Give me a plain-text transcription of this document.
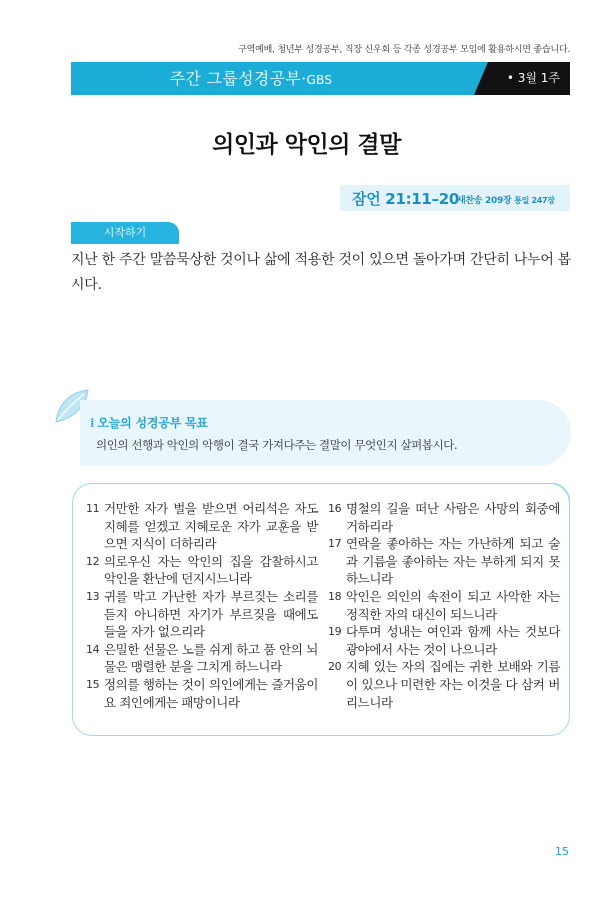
구역예배, 청년부 성경공부, 직장 신우회 등 각종 성경공부 모임에 활용하시면 좋습니다.
주간 그룹성경공부·GBS	• 3월 1주
의인과 악인의 결말
잠언 21:11–20
새찬송 209장 통일 247장
시작하기
지난 한 주간 말씀묵상한 것이나 삶에 적용한 것이 있으면 돌아가며 간단히 나누어 봅시다.
⁞ 오늘의 성경공부 목표
의인의 선행과 악인의 악행이 결국 가져다주는 결말이 무엇인지 살펴봅시다.
11 거만한 자가 벌을 받으면 어리석은 자도 지혜를 얻겠고 지혜로운 자가 교훈을 받으면 지식이 더하리라
12 의로우신 자는 악인의 집을 감찰하시고 악인을 환난에 던지시느니라
13 귀를 막고 가난한 자가 부르짖는 소리를 듣지 아니하면 자기가 부르짖을 때에도 들을 자가 없으리라
14 은밀한 선물은 노를 쉬게 하고 품 안의 뇌물은 맹렬한 분을 그치게 하느니라
15 정의를 행하는 것이 의인에게는 즐거움이요 죄인에게는 패망이니라
16 명철의 길을 떠난 사람은 사망의 회중에 거하리라
17 연락을 좋아하는 자는 가난하게 되고 술과 기름을 좋아하는 자는 부하게 되지 못하느니라
18 악인은 의인의 속전이 되고 사악한 자는 정직한 자의 대신이 되느니라
19 다투며 성내는 여인과 함께 사는 것보다 광야에서 사는 것이 나으니라
20 지혜 있는 자의 집에는 귀한 보배와 기름이 있으나 미련한 자는 이것을 다 삼켜 버리느니라
15
